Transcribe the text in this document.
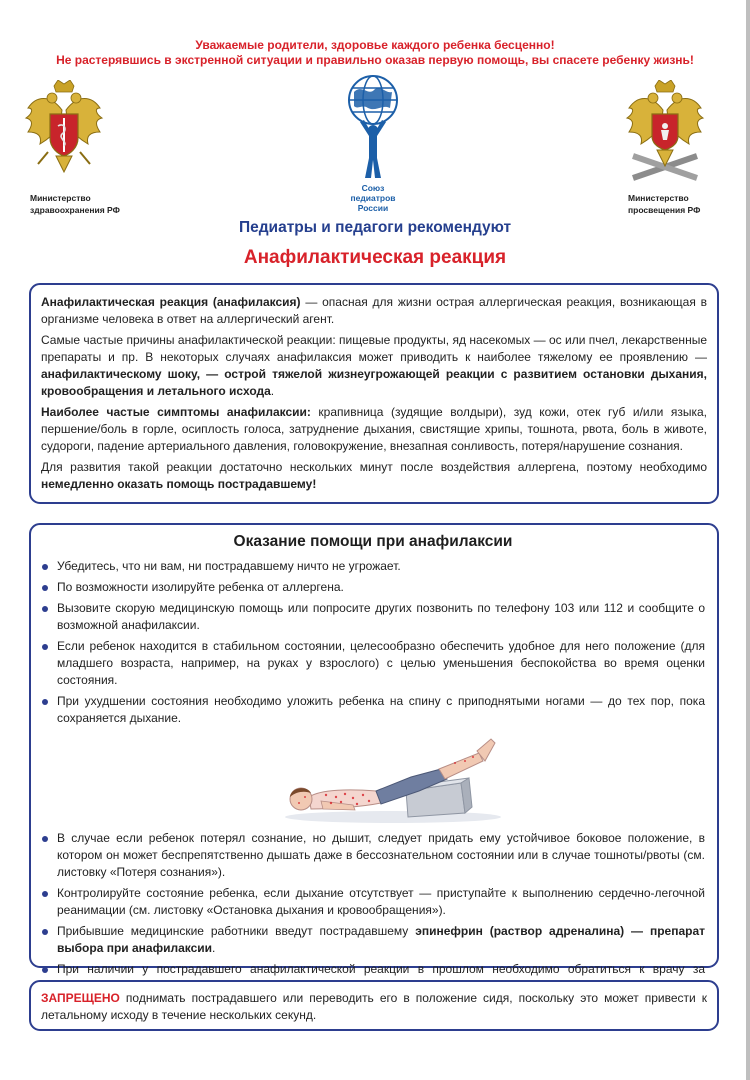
Уважаемые родители, здоровье каждого ребенка бесценно!
Не растерявшись в экстренной ситуации и правильно оказав первую помощь, вы спасете ребенку жизнь!
Министерство
здравоохранения РФ
Министерство
просвещения РФ
Союз
педиатров
России
Педиатры и педагоги рекомендуют
Анафилактическая реакция

Анафилактическая реакция (анафилаксия) — опасная для жизни острая аллергическая реакция, возникающая в организме человека в ответ на аллергический агент.

Самые частые причины анафилактической реакции: пищевые продукты, яд насекомых — ос или пчел, лекарственные препараты и пр. В некоторых случаях анафилаксия может приводить к наиболее тяжелому ее проявлению — анафилактическому шоку, — острой тяжелой жизнеугрожающей реакции с развитием остановки дыхания, кровообращения и летального исхода.

Наиболее частые симптомы анафилаксии: крапивница (зудящие волдыри), зуд кожи, отек губ и/или языка, першение/боль в горле, осиплость голоса, затруднение дыхания, свистящие хрипы, тошнота, рвота, боль в животе, судороги, падение артериального давления, головокружение, внезапная сонливость, потеря/нарушение сознания.

Для развития такой реакции достаточно нескольких минут после воздействия аллергена, поэтому необходимо немедленно оказать помощь пострадавшему!

Оказание помощи при анафилаксии
Убедитесь, что ни вам, ни пострадавшему ничто не угрожает.
По возможности изолируйте ребенка от аллергена.
Вызовите скорую медицинскую помощь или попросите других позвонить по телефону 103 или 112 и сообщите о возможной анафилаксии.
Если ребенок находится в стабильном состоянии, целесообразно обеспечить удобное для него положение (для младшего возраста, например, на руках у взрослого) с целью уменьшения беспокойства во время оценки состояния.
При ухудшении состояния необходимо уложить ребенка на спину с приподнятыми ногами — до тех пор, пока сохраняется дыхание.
В случае если ребенок потерял сознание, но дышит, следует придать ему устойчивое боковое положение, в котором он может беспрепятственно дышать даже в бессознательном состоянии или в случае тошноты/рвоты (см. листовку «Потеря сознания»).
Контролируйте состояние ребенка, если дыхание отсутствует — приступайте к выполнению сердечно-легочной реанимации (см. листовку «Остановка дыхания и кровообращения»).
Прибывшие медицинские работники введут пострадавшему эпинефрин (раствор адреналина) — препарат выбора при анафилаксии.
При наличии у пострадавшего анафилактической реакции в прошлом необходимо обратиться к врачу за

ЗАПРЕЩЕНО поднимать пострадавшего или переводить его в положение сидя, поскольку это может привести к летальному исходу в течение нескольких секунд.
